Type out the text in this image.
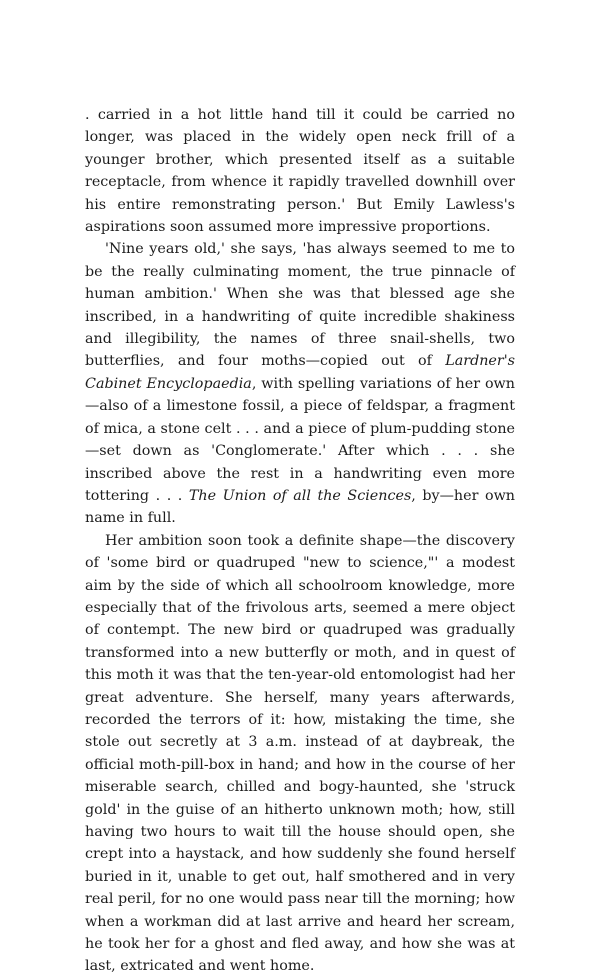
. carried in a hot little hand till it could be carried no longer, was placed in the widely open neck frill of a younger brother, which presented itself as a suitable receptacle, from whence it rapidly travelled downhill over his entire remonstrating person.' But Emily Lawless's aspirations soon assumed more impressive proportions.

'Nine years old,' she says, 'has always seemed to me to be the really culminating moment, the true pinnacle of human ambition.' When she was that blessed age she inscribed, in a handwriting of quite incredible shakiness and illegibility, the names of three snail-shells, two butterflies, and four moths—copied out of Lardner's Cabinet Encyclopaedia, with spelling variations of her own—also of a limestone fossil, a piece of feldspar, a fragment of mica, a stone celt . . . and a piece of plum-pudding stone—set down as 'Conglomerate.' After which . . . she inscribed above the rest in a handwriting even more tottering . . . The Union of all the Sciences, by—her own name in full.

Her ambition soon took a definite shape—the discovery of 'some bird or quadruped "new to science,"' a modest aim by the side of which all schoolroom knowledge, more especially that of the frivolous arts, seemed a mere object of contempt. The new bird or quadruped was gradually transformed into a new butterfly or moth, and in quest of this moth it was that the ten-year-old entomologist had her great adventure. She herself, many years afterwards, recorded the terrors of it: how, mistaking the time, she stole out secretly at 3 a.m. instead of at daybreak, the official moth-pill-box in hand; and how in the course of her miserable search, chilled and bogy-haunted, she 'struck gold' in the guise of an hitherto unknown moth; how, still having two hours to wait till the house should open, she crept into a haystack, and how suddenly she found herself buried in it, unable to get out, half smothered and in very real peril, for no one would pass near till the morning; how when a workman did at last arrive and heard her scream, he took her for a ghost and fled away, and how she was at last, extricated and went home.
